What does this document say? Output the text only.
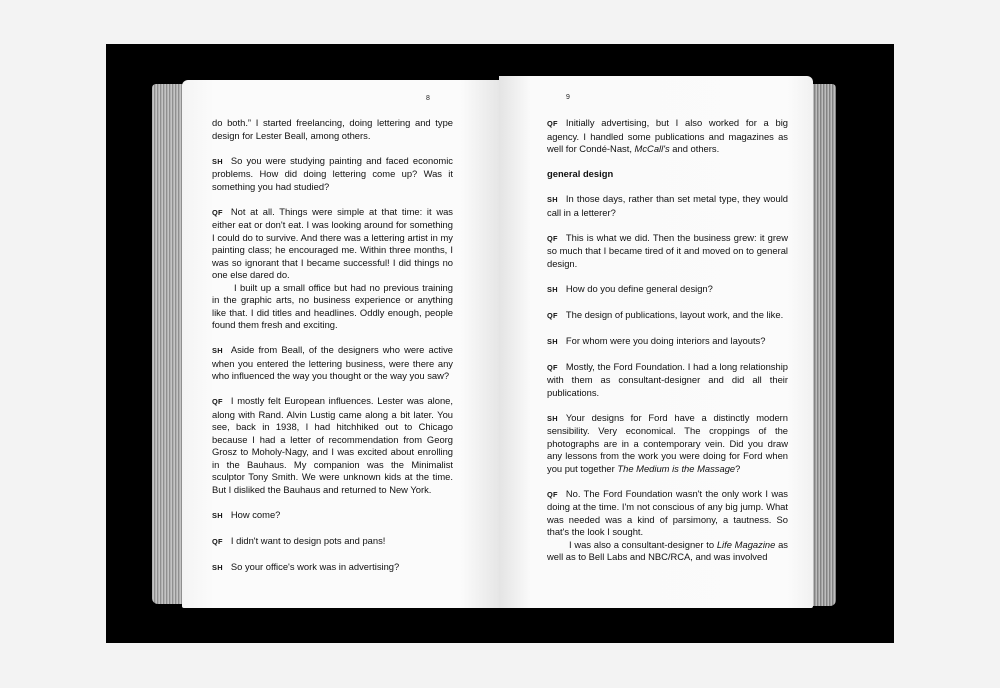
8	9

do both.” I started freelancing, doing lettering and type design for Lester Beall, among others.

SH So you were studying painting and faced economic problems. How did doing lettering come up? Was it something you had studied?

QF Not at all. Things were simple at that time: it was either eat or don't eat. I was looking around for something I could do to survive. And there was a lettering artist in my painting class; he encouraged me. Within three months, I was so ignorant that I became successful! I did things no one else dared do.

I built up a small office but had no previous training in the graphic arts, no business experience or anything like that. I did titles and headlines. Oddly enough, people found them fresh and exciting.

SH Aside from Beall, of the designers who were active when you entered the lettering business, were there any who influenced the way you thought or the way you saw?

QF I mostly felt European influences. Lester was alone, along with Rand. Alvin Lustig came along a bit later. You see, back in 1938, I had hitchhiked out to Chicago because I had a letter of recommendation from Georg Grosz to Moholy-Nagy, and I was excited about enrolling in the Bauhaus. My companion was the Minimalist sculptor Tony Smith. We were unknown kids at the time. But I disliked the Bauhaus and returned to New York.

SH How come?

QF I didn't want to design pots and pans!

SH So your office's work was in advertising?

QF Initially advertising, but I also worked for a big agency. I handled some publications and magazines as well for Condé-Nast, McCall's and others.

general design

SH In those days, rather than set metal type, they would call in a letterer?

QF This is what we did. Then the business grew: it grew so much that I became tired of it and moved on to general design.

SH How do you define general design?

QF The design of publications, layout work, and the like.

SH For whom were you doing interiors and layouts?

QF Mostly, the Ford Foundation. I had a long relationship with them as consultant-designer and did all their publications.

SH Your designs for Ford have a distinctly modern sensibility. Very economical. The croppings of the photographs are in a contemporary vein. Did you draw any lessons from the work you were doing for Ford when you put together The Medium is the Massage?

QF No. The Ford Foundation wasn't the only work I was doing at the time. I'm not conscious of any big jump. What was needed was a kind of parsimony, a tautness. So that's the look I sought.

I was also a consultant-designer to Life Magazine as well as to Bell Labs and NBC/RCA, and was involved
